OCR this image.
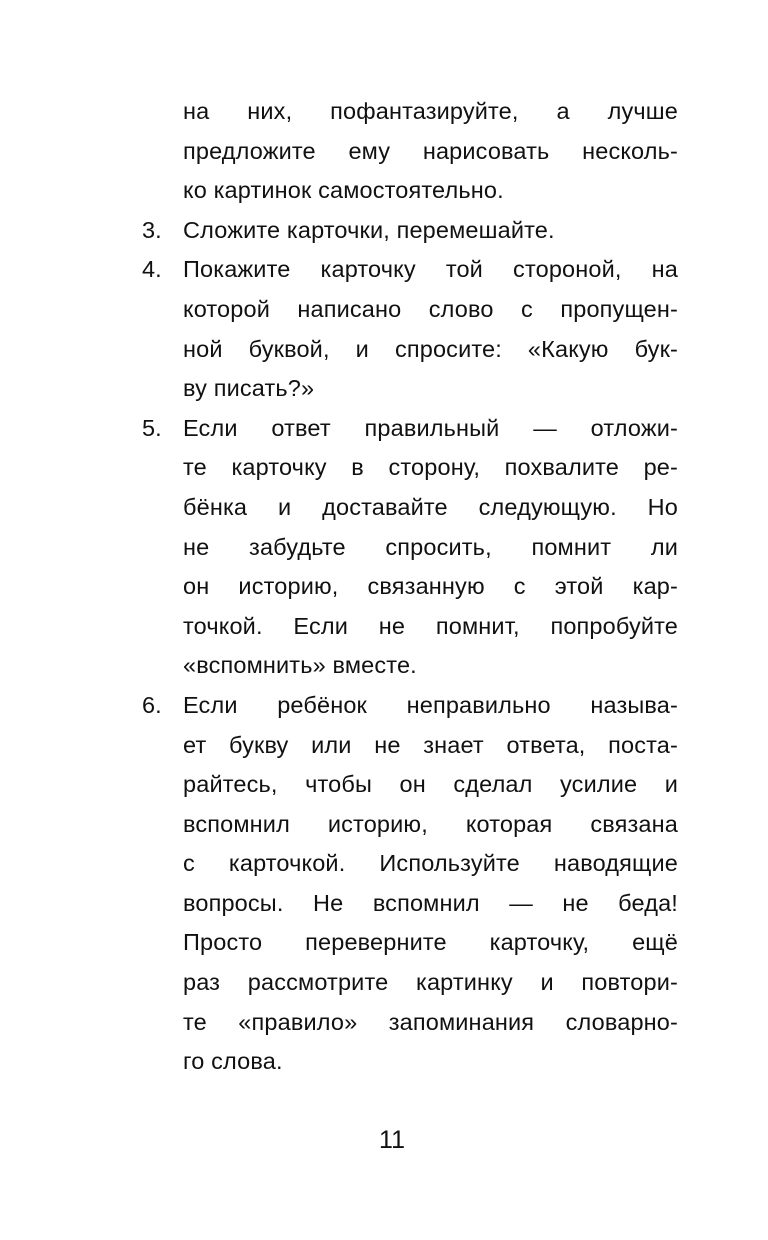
на них, пофантазируйте, а лучше
предложите ему нарисовать несколь-
ко картинок самостоятельно.
3. Сложите карточки, перемешайте.
4. Покажите карточку той стороной, на
которой написано слово с пропущен-
ной буквой, и спросите: «Какую бук-
ву писать?»
5. Если ответ правильный — отложи-
те карточку в сторону, похвалите ре-
бёнка и доставайте следующую. Но
не забудьте спросить, помнит ли
он историю, связанную с этой кар-
точкой. Если не помнит, попробуйте
«вспомнить» вместе.
6. Если ребёнок неправильно называ-
ет букву или не знает ответа, поста-
райтесь, чтобы он сделал усилие и
вспомнил историю, которая связана
с карточкой. Используйте наводящие
вопросы. Не вспомнил — не беда!
Просто переверните карточку, ещё
раз рассмотрите картинку и повтори-
те «правило» запоминания словарно-
го слова.
11
